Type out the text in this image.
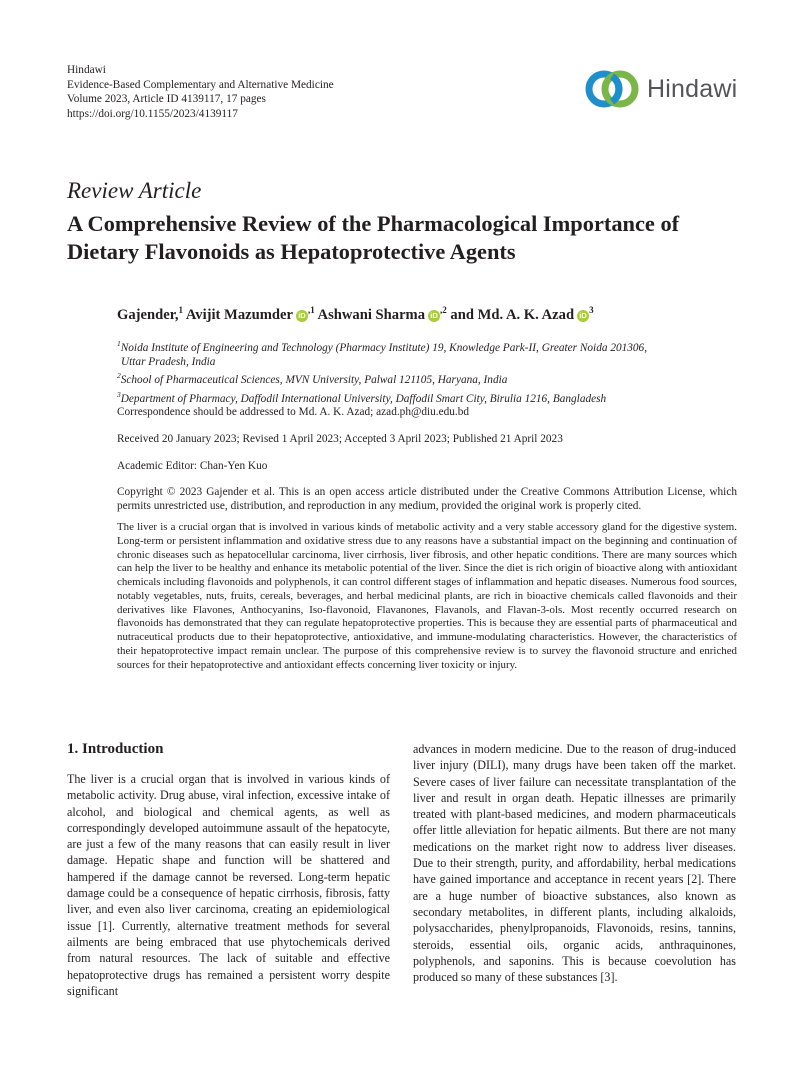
Hindawi
Evidence-Based Complementary and Alternative Medicine
Volume 2023, Article ID 4139117, 17 pages
https://doi.org/10.1155/2023/4139117
Hindawi
Review Article
A Comprehensive Review of the Pharmacological Importance of Dietary Flavonoids as Hepatoprotective Agents
Gajender,$^1$ Avijit Mazumder $iD^{,1}$ Ashwani Sharma $iD^{,2}$ and Md. A. K. Azad $iD^3$
$^1$Noida Institute of Engineering and Technology (Pharmacy Institute) 19, Knowledge Park-II, Greater Noida 201306,
Uttar Pradesh, India
$^2$School of Pharmaceutical Sciences, MVN University, Palwal 121105, Haryana, India
$^3$Department of Pharmacy, Daffodil International University, Daffodil Smart City, Birulia 1216, Bangladesh
Correspondence should be addressed to Md. A. K. Azad; azad.ph@diu.edu.bd
Received 20 January 2023; Revised 1 April 2023; Accepted 3 April 2023; Published 21 April 2023
Academic Editor: Chan-Yen Kuo
Copyright © 2023 Gajender et al. This is an open access article distributed under the Creative Commons Attribution License, which permits unrestricted use, distribution, and reproduction in any medium, provided the original work is properly cited.
The liver is a crucial organ that is involved in various kinds of metabolic activity and a very stable accessory gland for the digestive system. Long-term or persistent inflammation and oxidative stress due to any reasons have a substantial impact on the beginning and continuation of chronic diseases such as hepatocellular carcinoma, liver cirrhosis, liver fibrosis, and other hepatic conditions. There are many sources which can help the liver to be healthy and enhance its metabolic potential of the liver. Since the diet is rich origin of bioactive along with antioxidant chemicals including flavonoids and polyphenols, it can control different stages of inflammation and hepatic diseases. Numerous food sources, notably vegetables, nuts, fruits, cereals, beverages, and herbal medicinal plants, are rich in bioactive chemicals called flavonoids and their derivatives like Flavones, Anthocyanins, Iso-flavonoid, Flavanones, Flavanols, and Flavan-3-ols. Most recently occurred research on flavonoids has demonstrated that they can regulate hepatoprotective properties. This is because they are essential parts of pharmaceutical and nutraceutical products due to their hepatoprotective, antioxidative, and immune-modulating characteristics. However, the characteristics of their hepatoprotective impact remain unclear. The purpose of this comprehensive review is to survey the flavonoid structure and enriched sources for their hepatoprotective and antioxidant effects concerning liver toxicity or injury.
1. Introduction
The liver is a crucial organ that is involved in various kinds of metabolic activity. Drug abuse, viral infection, excessive intake of alcohol, and biological and chemical agents, as well as correspondingly developed autoimmune assault of the hepatocyte, are just a few of the many reasons that can easily result in liver damage. Hepatic shape and function will be shattered and hampered if the damage cannot be reversed. Long-term hepatic damage could be a consequence of hepatic cirrhosis, fibrosis, fatty liver, and even also liver carcinoma, creating an epidemiological issue [1]. Currently, alternative treatment methods for several ailments are being embraced that use phytochemicals derived from natural resources. The lack of suitable and effective hepatoprotective drugs has remained a persistent worry despite significant
advances in modern medicine. Due to the reason of drug-induced liver injury (DILI), many drugs have been taken off the market. Severe cases of liver failure can necessitate transplantation of the liver and result in organ death. Hepatic illnesses are primarily treated with plant-based medicines, and modern pharmaceuticals offer little alleviation for hepatic ailments. But there are not many medications on the market right now to address liver diseases. Due to their strength, purity, and affordability, herbal medications have gained importance and acceptance in recent years [2]. There are a huge number of bioactive substances, also known as secondary metabolites, in different plants, including alkaloids, polysaccharides, phenylpropanoids, Flavonoids, resins, tannins, steroids, essential oils, organic acids, anthraquinones, polyphenols, and saponins. This is because coevolution has produced so many of these substances [3].
